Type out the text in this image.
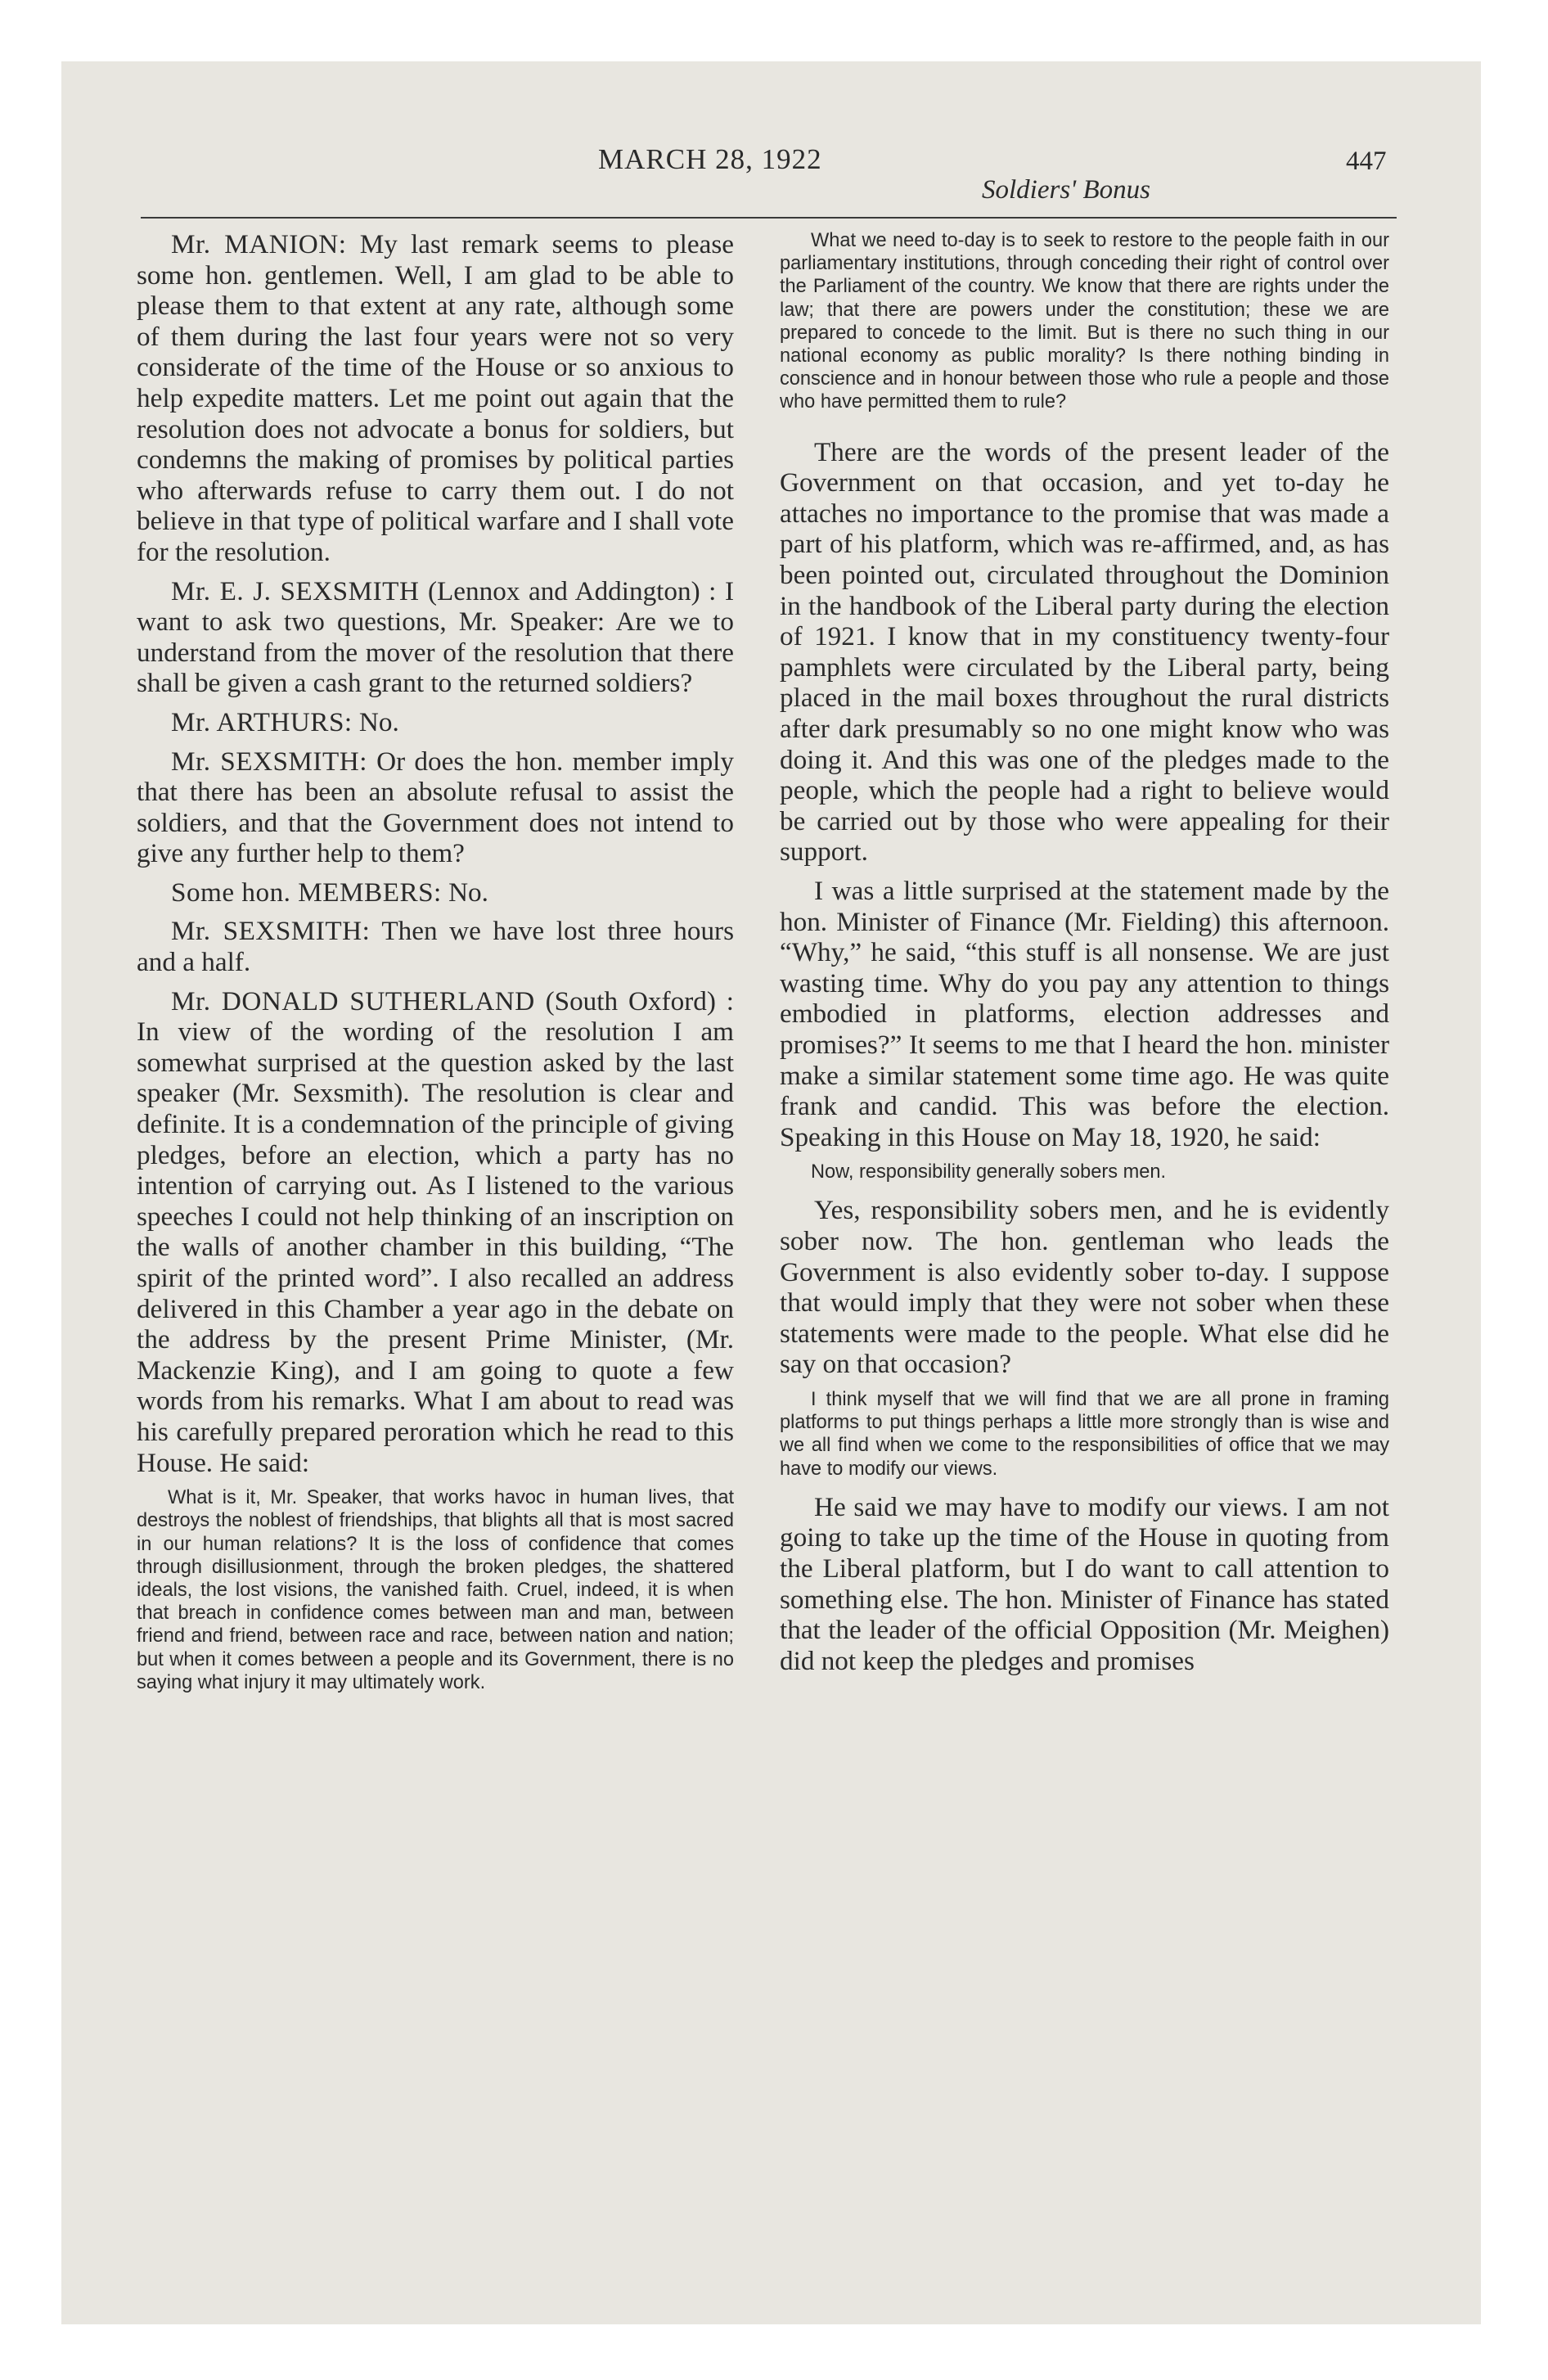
MARCH 28, 1922
Soldiers' Bonus
447

Mr. MANION: My last remark seems to please some hon. gentlemen. Well, I am glad to be able to please them to that extent at any rate, although some of them during the last four years were not so very considerate of the time of the House or so anxious to help expedite matters. Let me point out again that the resolution does not advocate a bonus for soldiers, but condemns the making of promises by political parties who afterwards refuse to carry them out. I do not believe in that type of political warfare and I shall vote for the resolution.

Mr. E. J. SEXSMITH (Lennox and Addington) : I want to ask two questions, Mr. Speaker: Are we to understand from the mover of the resolution that there shall be given a cash grant to the returned soldiers?

Mr. ARTHURS: No.

Mr. SEXSMITH: Or does the hon. member imply that there has been an absolute refusal to assist the soldiers, and that the Government does not intend to give any further help to them?

Some hon. MEMBERS: No.

Mr. SEXSMITH: Then we have lost three hours and a half.

Mr. DONALD SUTHERLAND (South Oxford) : In view of the wording of the resolution I am somewhat surprised at the question asked by the last speaker (Mr. Sexsmith). The resolution is clear and definite. It is a condemnation of the principle of giving pledges, before an election, which a party has no intention of carrying out. As I listened to the various speeches I could not help thinking of an inscription on the walls of another chamber in this building, “The spirit of the printed word”. I also recalled an address delivered in this Chamber a year ago in the debate on the address by the present Prime Minister, (Mr. Mackenzie King), and I am going to quote a few words from his remarks. What I am about to read was his carefully prepared peroration which he read to this House. He said:

What is it, Mr. Speaker, that works havoc in human lives, that destroys the noblest of friendships, that blights all that is most sacred in our human relations? It is the loss of confidence that comes through disillusionment, through the broken pledges, the shattered ideals, the lost visions, the vanished faith. Cruel, indeed, it is when that breach in confidence comes between man and man, between friend and friend, between race and race, between nation and nation; but when it comes between a people and its Government, there is no saying what injury it may ultimately work.

What we need to-day is to seek to restore to the people faith in our parliamentary institutions, through conceding their right of control over the Parliament of the country. We know that there are rights under the law; that there are powers under the constitution; these we are prepared to concede to the limit. But is there no such thing in our national economy as public morality? Is there nothing binding in conscience and in honour between those who rule a people and those who have permitted them to rule?

There are the words of the present leader of the Government on that occasion, and yet to-day he attaches no importance to the promise that was made a part of his platform, which was re-affirmed, and, as has been pointed out, circulated throughout the Dominion in the handbook of the Liberal party during the election of 1921. I know that in my constituency twenty-four pamphlets were circulated by the Liberal party, being placed in the mail boxes throughout the rural districts after dark presumably so no one might know who was doing it. And this was one of the pledges made to the people, which the people had a right to believe would be carried out by those who were appealing for their support.

I was a little surprised at the statement made by the hon. Minister of Finance (Mr. Fielding) this afternoon. “Why,” he said, “this stuff is all nonsense. We are just wasting time. Why do you pay any attention to things embodied in platforms, election addresses and promises?” It seems to me that I heard the hon. minister make a similar statement some time ago. He was quite frank and candid. This was before the election. Speaking in this House on May 18, 1920, he said:

Now, responsibility generally sobers men.

Yes, responsibility sobers men, and he is evidently sober now. The hon. gentleman who leads the Government is also evidently sober to-day. I suppose that would imply that they were not sober when these statements were made to the people. What else did he say on that occasion?

I think myself that we will find that we are all prone in framing platforms to put things perhaps a little more strongly than is wise and we all find when we come to the responsibilities of office that we may have to modify our views.

He said we may have to modify our views. I am not going to take up the time of the House in quoting from the Liberal platform, but I do want to call attention to something else. The hon. Minister of Finance has stated that the leader of the official Opposition (Mr. Meighen) did not keep the pledges and promises
